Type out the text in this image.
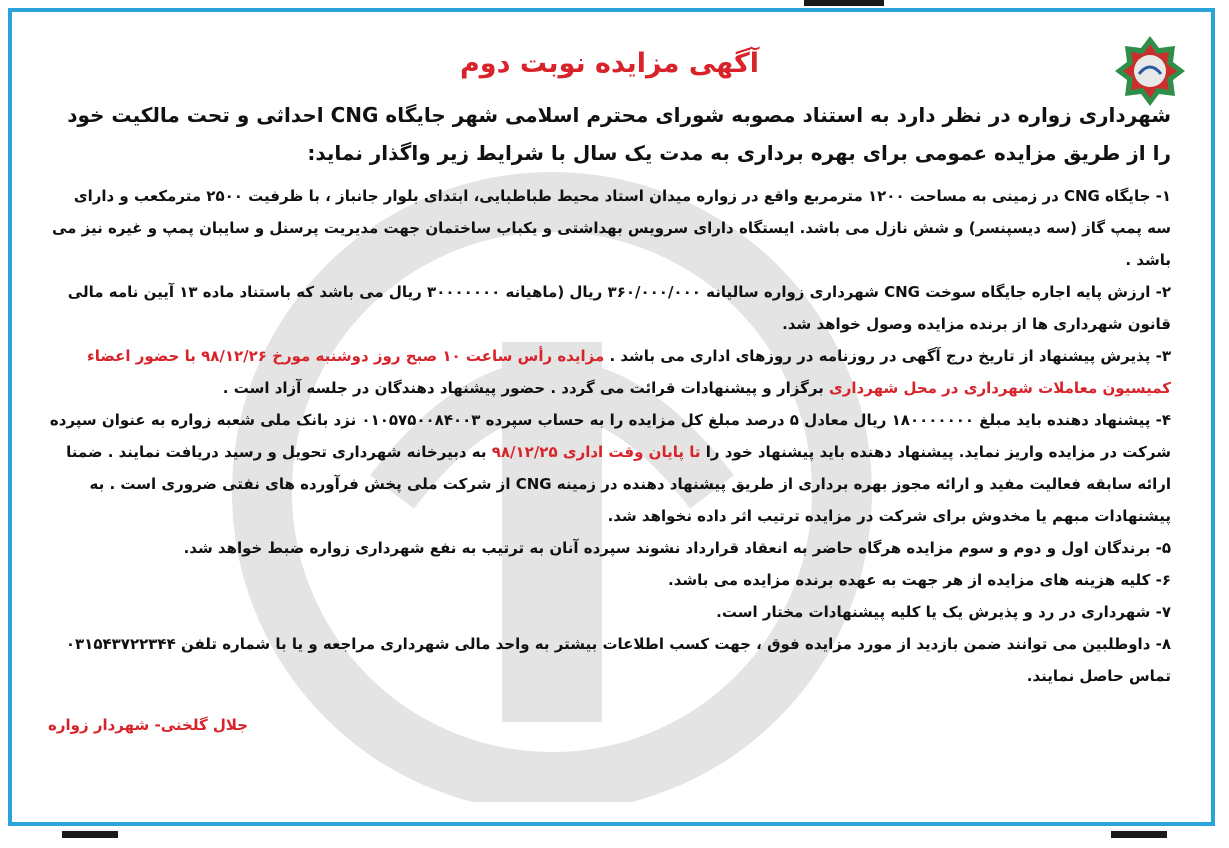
آگهی مزایده نوبت دوم

شهرداری زواره در نظر دارد به استناد مصوبه شورای محترم اسلامی شهر جایگاه CNG احداثی و تحت مالکیت خود

را از طریق مزایده عمومی برای بهره برداری به مدت یک سال با شرایط زیر واگذار نماید:

۱- جایگاه CNG در زمینی به مساحت ۱۲۰۰ مترمربع واقع در زواره میدان استاد محیط طباطبایی، ابتدای بلوار جانباز ، با ظرفیت ۲۵۰۰ مترمکعب و دارای سه پمپ گاز (سه دیسپنسر) و شش نازل می باشد. ایستگاه دارای سرویس بهداشتی و یکباب ساختمان جهت مدیریت پرسنل و سایبان پمپ و غیره نیز می باشد .

۲- ارزش پایه اجاره جایگاه سوخت CNG شهرداری زواره سالیانه ۳۶۰/۰۰۰/۰۰۰ ریال (ماهیانه ۳۰۰۰۰۰۰۰ ریال می باشد که باستناد ماده ۱۳ آیین نامه مالی قانون شهرداری ها از برنده مزایده وصول خواهد شد.

۳- پذیرش پیشنهاد از تاریخ درج آگهی در روزنامه در روزهای اداری می باشد . مزایده رأس ساعت ۱۰ صبح روز دوشنبه مورخ ۹۸/۱۲/۲۶ با حضور اعضاء کمیسیون معاملات شهرداری در محل شهرداری برگزار و پیشنهادات قرائت می گردد . حضور پیشنهاد دهندگان در جلسه آزاد است .

۴- پیشنهاد دهنده باید مبلغ ۱۸۰۰۰۰۰۰۰ ریال معادل ۵ درصد مبلغ کل مزایده را به حساب سپرده ۰۱۰۵۷۵۰۰۸۴۰۰۳ نزد بانک ملی شعبه زواره به عنوان سپرده شرکت در مزایده واریز نماید. پیشنهاد دهنده باید پیشنهاد خود را تا پایان وقت اداری ۹۸/۱۲/۲۵ به دبیرخانه شهرداری تحویل و رسید دریافت نمایند . ضمنا ارائه سابقه فعالیت مفید و ارائه مجوز بهره برداری از طریق پیشنهاد دهنده در زمینه CNG از شرکت ملی پخش فرآورده های نفتی ضروری است . به پیشنهادات مبهم یا مخدوش برای شرکت در مزایده ترتیب اثر داده نخواهد شد.

۵- برندگان اول و دوم و سوم مزایده هرگاه حاضر به انعقاد قرارداد نشوند سپرده آنان به ترتیب به نفع شهرداری زواره ضبط خواهد شد.

۶- کلیه هزینه های مزایده از هر جهت به عهده برنده مزایده می باشد.

۷- شهرداری در رد و پذیرش یک یا کلیه پیشنهادات مختار است.

۸- داوطلبین می توانند ضمن بازدید از مورد مزایده فوق ، جهت کسب اطلاعات بیشتر به واحد مالی شهرداری مراجعه و یا با شماره تلفن ۰۳۱۵۴۳۷۲۲۳۴۴ تماس حاصل نمایند.

جلال گلخنی- شهردار زواره
